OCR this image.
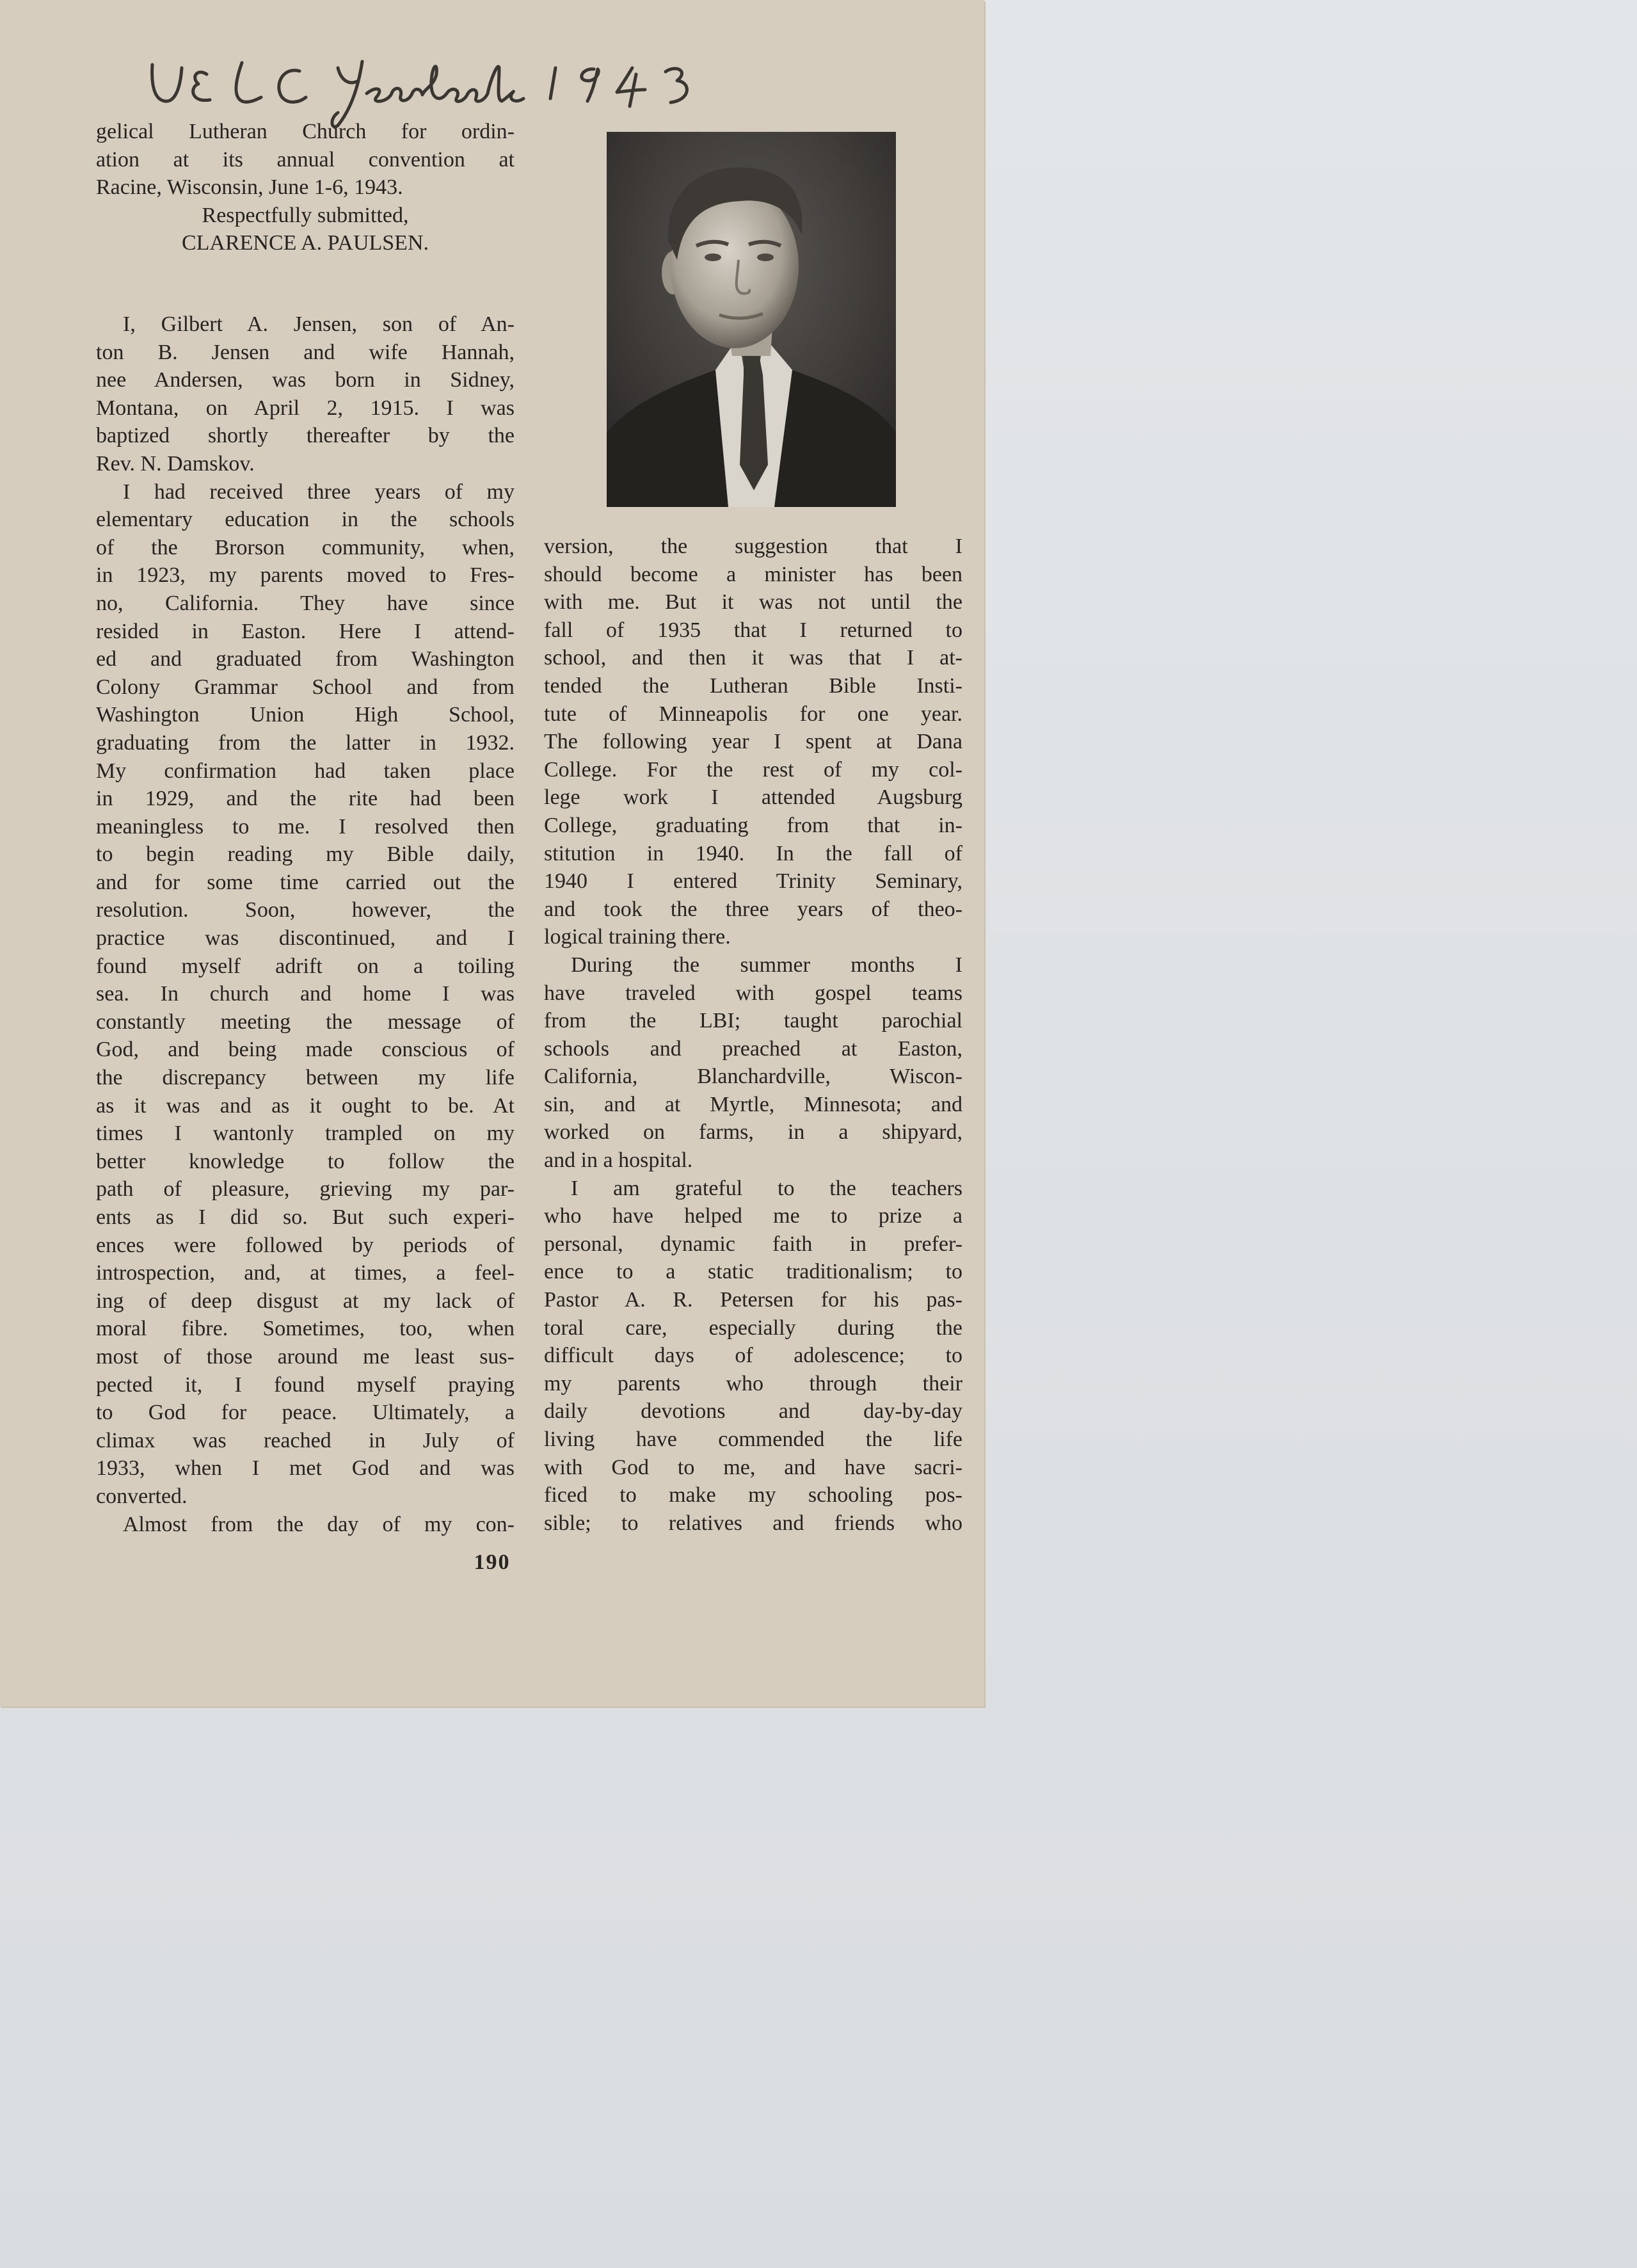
gelical Lutheran Church for ordin-

ation at its annual convention at

Racine, Wisconsin, June 1-6, 1943.

Respectfully submitted,

CLARENCE A. PAULSEN.

I, Gilbert A. Jensen, son of An-

ton B. Jensen and wife Hannah,

nee Andersen, was born in Sidney,

Montana, on April 2, 1915. I was

baptized shortly thereafter by the

Rev. N. Damskov.

I had received three years of my

elementary education in the schools

of the Brorson community, when,

in 1923, my parents moved to Fres-

no, California. They have since

resided in Easton. Here I attend-

ed and graduated from Washington

Colony Grammar School and from

Washington Union High School,

graduating from the latter in 1932.

My confirmation had taken place

in 1929, and the rite had been

meaningless to me. I resolved then

to begin reading my Bible daily,

and for some time carried out the

resolution. Soon, however, the

practice was discontinued, and I

found myself adrift on a toiling

sea. In church and home I was

constantly meeting the message of

God, and being made conscious of

the discrepancy between my life

as it was and as it ought to be. At

times I wantonly trampled on my

better knowledge to follow the

path of pleasure, grieving my par-

ents as I did so. But such experi-

ences were followed by periods of

introspection, and, at times, a feel-

ing of deep disgust at my lack of

moral fibre. Sometimes, too, when

most of those around me least sus-

pected it, I found myself praying

to God for peace. Ultimately, a

climax was reached in July of

1933, when I met God and was

converted.

Almost from the day of my con-

version, the suggestion that I

should become a minister has been

with me. But it was not until the

fall of 1935 that I returned to

school, and then it was that I at-

tended the Lutheran Bible Insti-

tute of Minneapolis for one year.

The following year I spent at Dana

College. For the rest of my col-

lege work I attended Augsburg

College, graduating from that in-

stitution in 1940. In the fall of

1940 I entered Trinity Seminary,

and took the three years of theo-

logical training there.

During the summer months I

have traveled with gospel teams

from the LBI; taught parochial

schools and preached at Easton,

California, Blanchardville, Wiscon-

sin, and at Myrtle, Minnesota; and

worked on farms, in a shipyard,

and in a hospital.

I am grateful to the teachers

who have helped me to prize a

personal, dynamic faith in prefer-

ence to a static traditionalism; to

Pastor A. R. Petersen for his pas-

toral care, especially during the

difficult days of adolescence; to

my parents who through their

daily devotions and day-by-day

living have commended the life

with God to me, and have sacri-

ficed to make my schooling pos-

sible; to relatives and friends who

190
